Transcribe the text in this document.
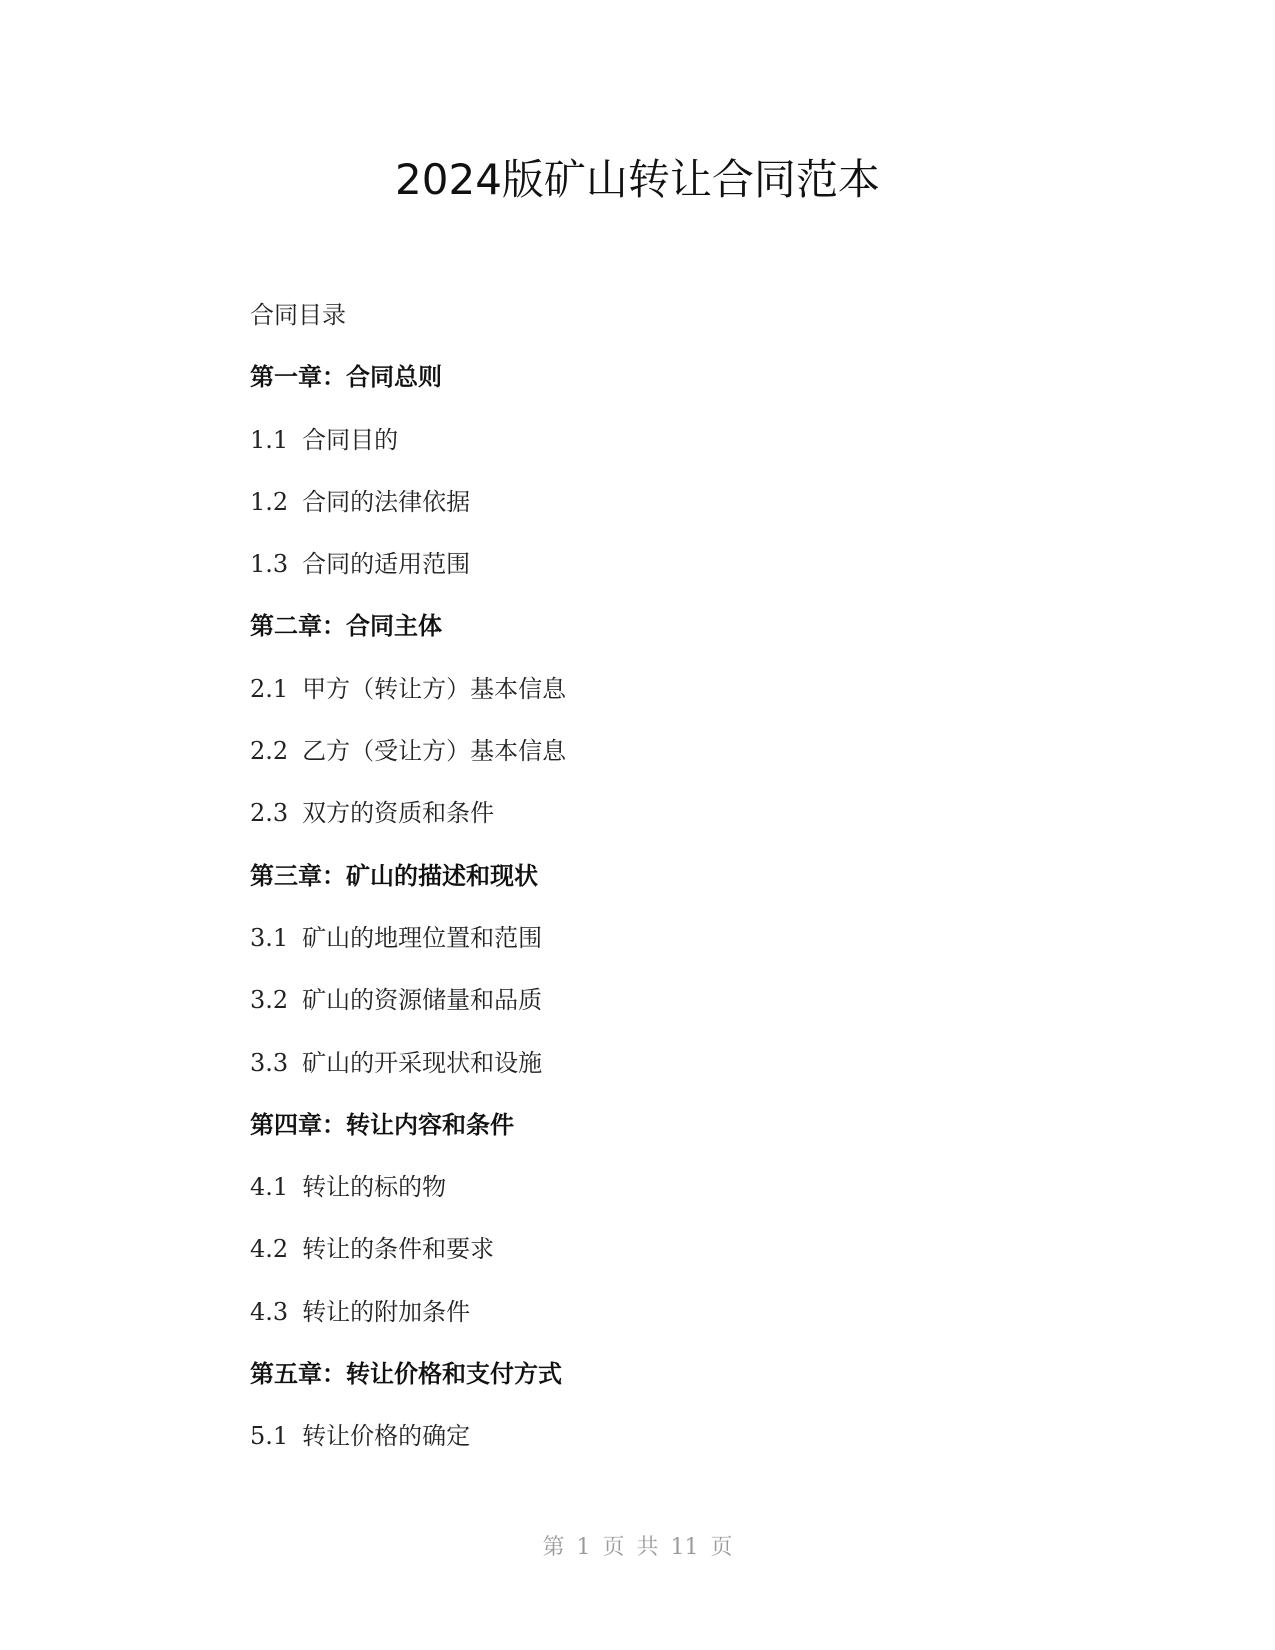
2024版矿山转让合同范本
合同目录
第一章：合同总则
1.1 合同目的
1.2 合同的法律依据
1.3 合同的适用范围
第二章：合同主体
2.1 甲方（转让方）基本信息
2.2 乙方（受让方）基本信息
2.3 双方的资质和条件
第三章：矿山的描述和现状
3.1 矿山的地理位置和范围
3.2 矿山的资源储量和品质
3.3 矿山的开采现状和设施
第四章：转让内容和条件
4.1 转让的标的物
4.2 转让的条件和要求
4.3 转让的附加条件
第五章：转让价格和支付方式
5.1 转让价格的确定
第 1 页 共 11 页
